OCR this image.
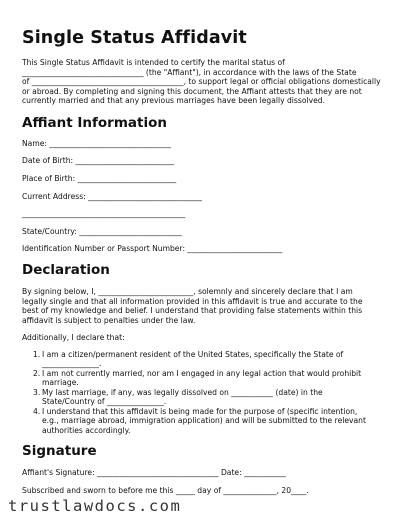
Single Status Affidavit
This Single Status Affidavit is intended to certify the marital status of
________________________________ (the "Affiant"), in accordance with the laws of the State
of ________________________________________, to support legal or official obligations domestically
or abroad. By completing and signing this document, the Affiant attests that they are not
currently married and that any previous marriages have been legally dissolved.
Affiant Information
Name: ________________________________
Date of Birth: __________________________
Place of Birth: __________________________
Current Address: ______________________________
___________________________________________
State/Country: ___________________________
Identification Number or Passport Number: _________________________
Declaration
By signing below, I, _________________________, solemnly and sincerely declare that I am
legally single and that all information provided in this affidavit is true and accurate to the
best of my knowledge and belief. I understand that providing false statements within this
affidavit is subject to penalties under the law.
Additionally, I declare that:
1. I am a citizen/permanent resident of the United States, specifically the State of
_______________.
2. I am not currently married, nor am I engaged in any legal action that would prohibit
marriage.
3. My last marriage, if any, was legally dissolved on ___________ (date) in the
State/Country of _______________.
4. I understand that this affidavit is being made for the purpose of (specific intention,
e.g., marriage abroad, immigration application) and will be submitted to the relevant
authorities accordingly.
Signature
Affiant's Signature: ________________________________ Date: ___________
Subscribed and sworn to before me this _____ day of ______________, 20____.
trustlawdocs.com
